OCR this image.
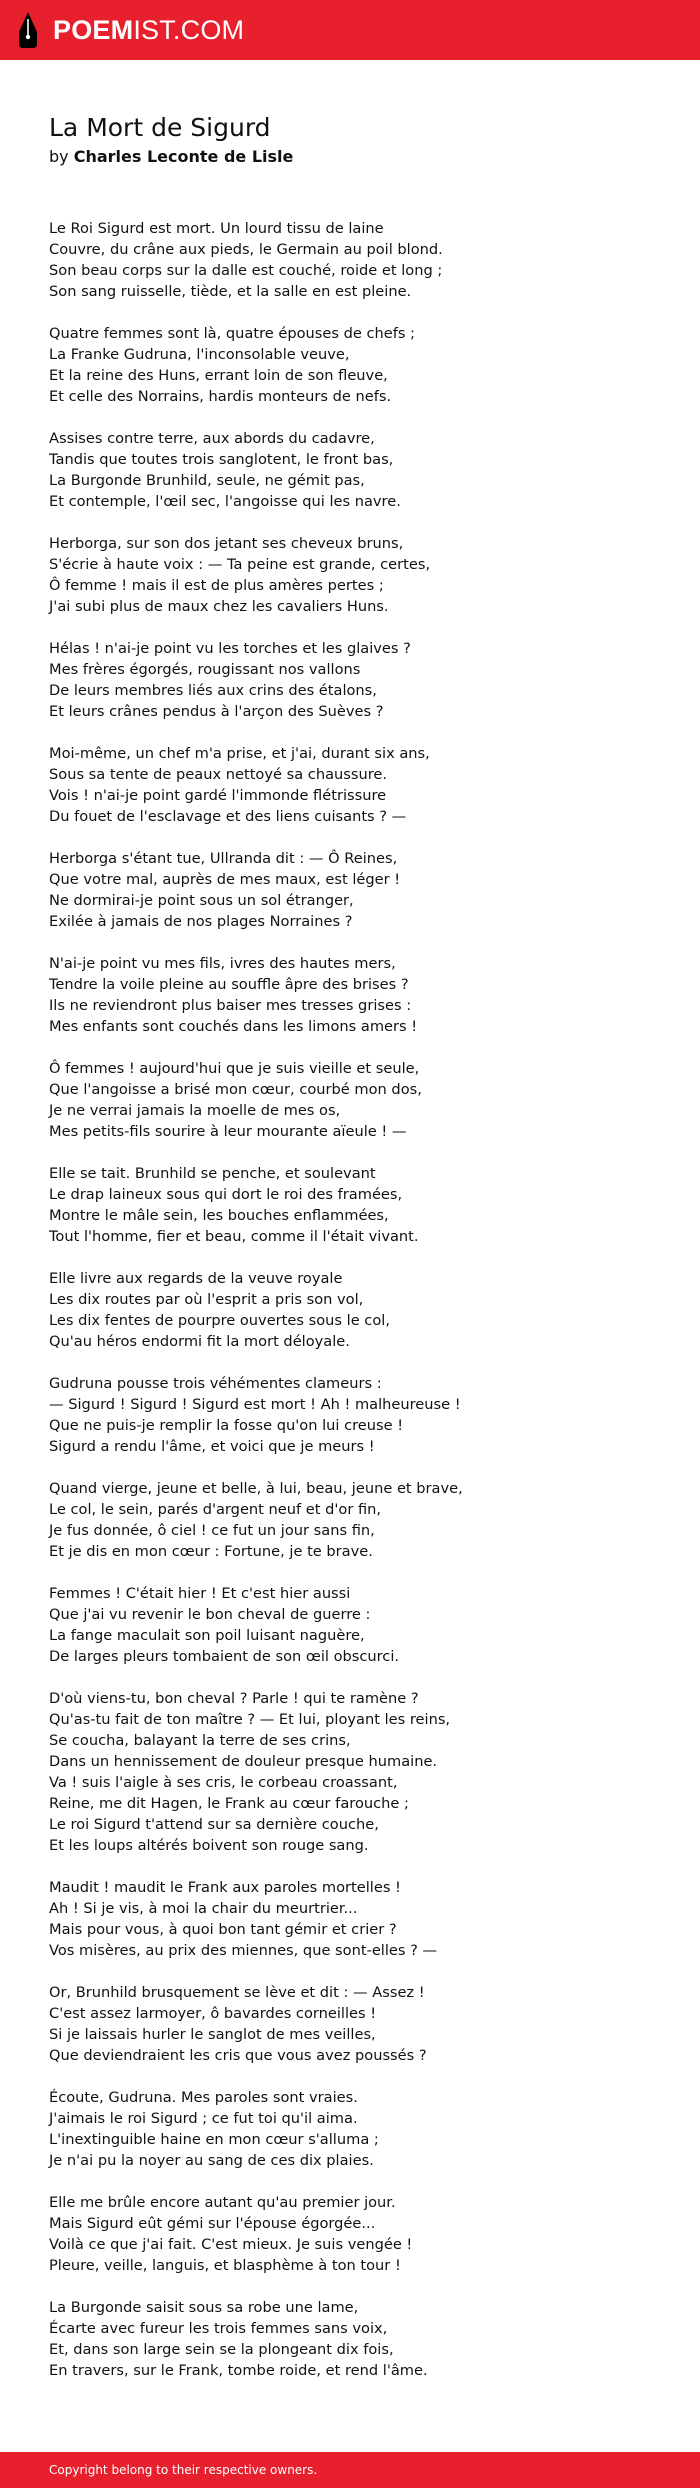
POEMIST.COM
La Mort de Sigurd

by Charles Leconte de Lisle

Le Roi Sigurd est mort. Un lourd tissu de laine
Couvre, du crâne aux pieds, le Germain au poil blond.
Son beau corps sur la dalle est couché, roide et long ;
Son sang ruisselle, tiède, et la salle en est pleine.
Quatre femmes sont là, quatre épouses de chefs ;
La Franke Gudruna, l'inconsolable veuve,
Et la reine des Huns, errant loin de son fleuve,
Et celle des Norrains, hardis monteurs de nefs.
Assises contre terre, aux abords du cadavre,
Tandis que toutes trois sanglotent, le front bas,
La Burgonde Brunhild, seule, ne gémit pas,
Et contemple, l'œil sec, l'angoisse qui les navre.
Herborga, sur son dos jetant ses cheveux bruns,
S'écrie à haute voix : — Ta peine est grande, certes,
Ô femme ! mais il est de plus amères pertes ;
J'ai subi plus de maux chez les cavaliers Huns.
Hélas ! n'ai-je point vu les torches et les glaives ?
Mes frères égorgés, rougissant nos vallons
De leurs membres liés aux crins des étalons,
Et leurs crânes pendus à l'arçon des Suèves ?
Moi-même, un chef m'a prise, et j'ai, durant six ans,
Sous sa tente de peaux nettoyé sa chaussure.
Vois ! n'ai-je point gardé l'immonde flétrissure
Du fouet de l'esclavage et des liens cuisants ? —
Herborga s'étant tue, Ullranda dit : — Ô Reines,
Que votre mal, auprès de mes maux, est léger !
Ne dormirai-je point sous un sol étranger,
Exilée à jamais de nos plages Norraines ?
N'ai-je point vu mes fils, ivres des hautes mers,
Tendre la voile pleine au souffle âpre des brises ?
Ils ne reviendront plus baiser mes tresses grises :
Mes enfants sont couchés dans les limons amers !
Ô femmes ! aujourd'hui que je suis vieille et seule,
Que l'angoisse a brisé mon cœur, courbé mon dos,
Je ne verrai jamais la moelle de mes os,
Mes petits-fils sourire à leur mourante aïeule ! —
Elle se tait. Brunhild se penche, et soulevant
Le drap laineux sous qui dort le roi des framées,
Montre le mâle sein, les bouches enflammées,
Tout l'homme, fier et beau, comme il l'était vivant.
Elle livre aux regards de la veuve royale
Les dix routes par où l'esprit a pris son vol,
Les dix fentes de pourpre ouvertes sous le col,
Qu'au héros endormi fit la mort déloyale.
Gudruna pousse trois véhémentes clameurs :
— Sigurd ! Sigurd ! Sigurd est mort ! Ah ! malheureuse !
Que ne puis-je remplir la fosse qu'on lui creuse !
Sigurd a rendu l'âme, et voici que je meurs !
Quand vierge, jeune et belle, à lui, beau, jeune et brave,
Le col, le sein, parés d'argent neuf et d'or fin,
Je fus donnée, ô ciel ! ce fut un jour sans fin,
Et je dis en mon cœur : Fortune, je te brave.
Femmes ! C'était hier ! Et c'est hier aussi
Que j'ai vu revenir le bon cheval de guerre :
La fange maculait son poil luisant naguère,
De larges pleurs tombaient de son œil obscurci.
D'où viens-tu, bon cheval ? Parle ! qui te ramène ?
Qu'as-tu fait de ton maître ? — Et lui, ployant les reins,
Se coucha, balayant la terre de ses crins,
Dans un hennissement de douleur presque humaine.
Va ! suis l'aigle à ses cris, le corbeau croassant,
Reine, me dit Hagen, le Frank au cœur farouche ;
Le roi Sigurd t'attend sur sa dernière couche,
Et les loups altérés boivent son rouge sang.
Maudit ! maudit le Frank aux paroles mortelles !
Ah ! Si je vis, à moi la chair du meurtrier...
Mais pour vous, à quoi bon tant gémir et crier ?
Vos misères, au prix des miennes, que sont-elles ? —
Or, Brunhild brusquement se lève et dit : — Assez !
C'est assez larmoyer, ô bavardes corneilles !
Si je laissais hurler le sanglot de mes veilles,
Que deviendraient les cris que vous avez poussés ?
Écoute, Gudruna. Mes paroles sont vraies.
J'aimais le roi Sigurd ; ce fut toi qu'il aima.
L'inextinguible haine en mon cœur s'alluma ;
Je n'ai pu la noyer au sang de ces dix plaies.
Elle me brûle encore autant qu'au premier jour.
Mais Sigurd eût gémi sur l'épouse égorgée...
Voilà ce que j'ai fait. C'est mieux. Je suis vengée !
Pleure, veille, languis, et blasphème à ton tour !
La Burgonde saisit sous sa robe une lame,
Écarte avec fureur les trois femmes sans voix,
Et, dans son large sein se la plongeant dix fois,
En travers, sur le Frank, tombe roide, et rend l'âme.
Copyright belong to their respective owners.
